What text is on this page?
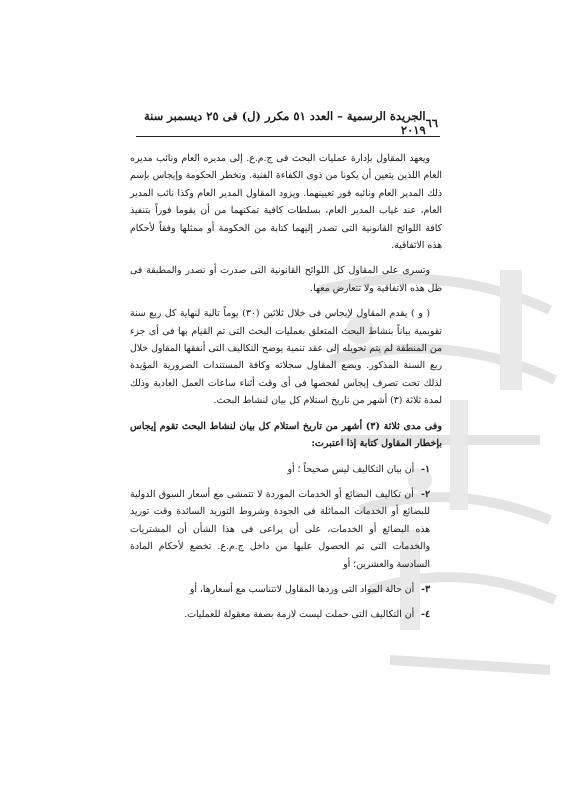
٦٦
الجريدة الرسمية – العدد ٥١ مكرر (ل) فى ٢٥ ديسمبر سنة ٢٠١٩

ويعهد المقاول بإدارة عمليات البحث فى ج.م.ع. إلى مديره العام ونائب مديره العام اللذين يتعين أن يكونا من ذوى الكفاءة الفنية. وتخطر الحكومة وإيجاس بإسم ذلك المدير العام ونائبه فور تعيينهما. ويزود المقاول المدير العام وكذا نائب المدير العام، عند غياب المدير العام، بسلطات كافية تمكنهما من أن يقوما فوراً بتنفيذ كافة اللوائح القانونية التى تصدر إليهما كتابة من الحكومة أو ممثلها وفقاً لأحكام هذه الاتفاقية.

وتسرى على المقاول كل اللوائح القانونية التى صدرت أو تصدر والمطبقة فى ظل هذه الاتفاقية ولا تتعارض معها.

( و ) يقدم المقاول لإيجاس فى خلال ثلاثين (٣٠) يوماً تالية لنهاية كل ربع سنة تقويمية بياناً بنشاط البحث المتعلق بعمليات البحث التى تم القيام بها فى أى جزء من المنطقة لم يتم تحويله إلى عقد تنمية يوضح التكاليف التى أنفقها المقاول خلال ربع السنة المذكور. ويضع المقاول سجلاته وكافة المستندات الضرورية المؤيدة لذلك تحت تصرف إيجاس لفحصها فى أى وقت أثناء ساعات العمل العادية وذلك لمدة ثلاثة (٣) أشهر من تاريخ استلام كل بيان لنشاط البحث.

وفى مدى ثلاثة (٣) أشهر من تاريخ استلام كل بيان لنشاط البحث تقوم إيجاس بإخطار المقاول كتابة إذا اعتبرت:

١- أن بيان التكاليف ليس صحيحاً ؛ أو
٢- أن تكاليف البضائع أو الخدمات الموردة لا تتمشى مع أسعار السوق الدولية للبضائع أو الخدمات المماثلة فى الجودة وشروط التوريد السائدة وقت توريد هذه البضائع أو الخدمات، على أن يراعى فى هذا الشأن أن المشتريات والخدمات التى تم الحصول عليها من داخل ج.م.ع. تخضع لأحكام المادة السادسة والعشرين؛ أو
٣- أن حالة المواد التى وردها المقاول لاتتناسب مع أسعارها، أو
٤- أن التكاليف التى حملت ليست لازمة بصفة معقولة للعمليات.
